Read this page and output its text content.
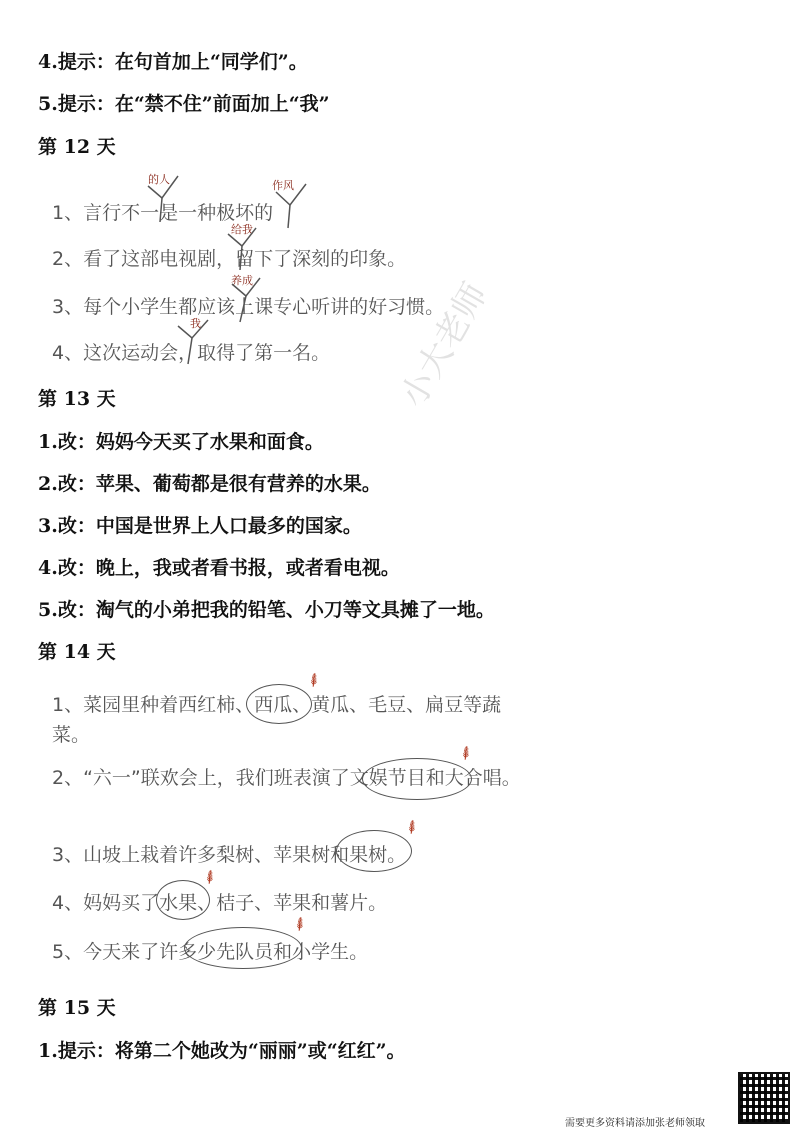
小大老师
4.提示：在句首加上“同学们”。
5.提示：在“禁不住”前面加上“我”
第 12 天
1、言行不一是一种极坏的
2、看了这部电视剧，留下了深刻的印象。
3、每个小学生都应该上课专心听讲的好习惯。
4、这次运动会，取得了第一名。
的人	作风
给我
养成
我
第 13 天
1.改：妈妈今天买了水果和面食。
2.改：苹果、葡萄都是很有营养的水果。
3.改：中国是世界上人口最多的国家。
4.改：晚上，我或者看书报，或者看电视。
5.改：淘气的小弟把我的铅笔、小刀等文具摊了一地。
第 14 天
1、菜园里种着西红柿、西瓜、黄瓜、毛豆、扁豆等蔬菜。
2、“六一”联欢会上，我们班表演了文娱节目和大合唱。
3、山坡上栽着许多梨树、苹果树和果树。
4、妈妈买了水果、桔子、苹果和薯片。
5、今天来了许多少先队员和小学生。
⸙
⸙
⸙
⸙
⸙
第 15 天
1.提示：将第二个她改为“丽丽”或“红红”。
需要更多资料请添加张老师领取
